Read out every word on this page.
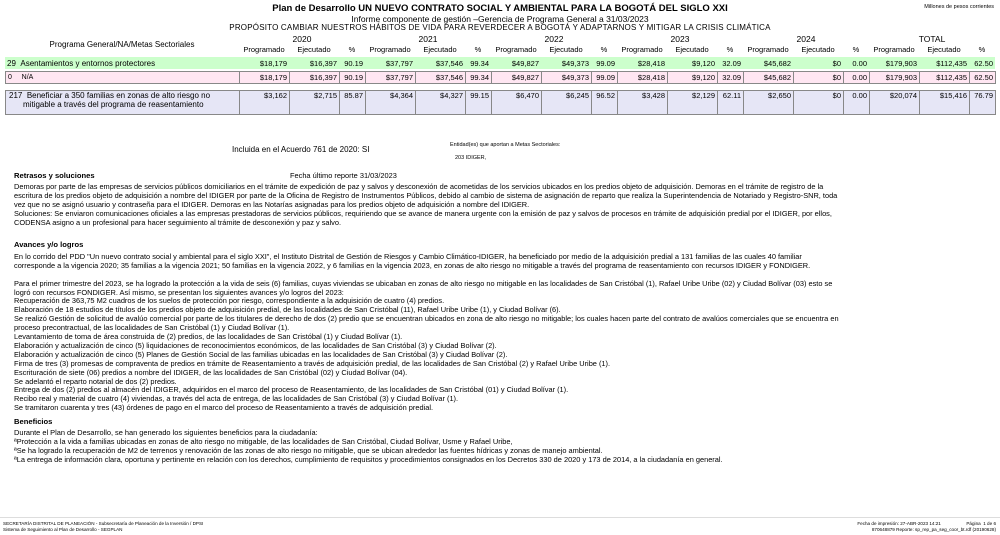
Plan de Desarrollo UN NUEVO CONTRATO SOCIAL Y AMBIENTAL PARA LA BOGOTÁ DEL SIGLO XXI
Informe componente de gestión –Gerencia de Programa General a 31/03/2023
PROPÓSITO CAMBIAR NUESTROS HÁBITOS DE VIDA PARA REVERDECER A BOGOTÁ Y ADAPTARNOS Y MITIGAR LA CRISIS CLIMÁTICA
Millones de pesos corrientes
Programa General/NA/Metas Sectoriales	2020			2021			2022			2023			2024			TOTAL		
	Programado	Ejecutado	%	Programado	Ejecutado	%	Programado	Ejecutado	%	Programado	Ejecutado	%	Programado	Ejecutado	%	Programado	Ejecutado	%
29 Asentamientos y entornos protectores	$18,179	$16,397	90.19	$37,797	$37,546	99.34	$49,827	$49,373	99.09	$28,418	$9,120	32.09	$45,682	$0	0.00	$179,903	$112,435	62.50
0 N/A	$18,179	$16,397	90.19	$37,797	$37,546	99.34	$49,827	$49,373	99.09	$28,418	$9,120	32.09	$45,682	$0	0.00	$179,903	$112,435	62.50
217 Beneficiar a 350 familias en zonas de alto riesgo no
mitigable a través del programa de reasentamiento	$3,162	$2,715	85.87	$4,364	$4,327	99.15	$6,470	$6,245	96.52	$3,428	$2,129	62.11	$2,650	$0	0.00	$20,074	$15,416	76.79
Incluida en el Acuerdo 761 de 2020: SI	Entidad(es) que aportan a Metas Sectoriales:
203 IDIGER,
Retrasos y soluciones	Fecha último reporte 31/03/2023
Demoras por parte de las empresas de servicios públicos domiciliarios en el trámite de expedición de paz y salvos y desconexión de acometidas de los servicios ubicados en los predios objeto de adquisición. Demoras en el trámite de registro de la
escritura de los predios objeto de adquisición a nombre del IDIGER por parte de la Oficina de Registro de Instrumentos Públicos, debido al cambio de sistema de asignación de reparto que realiza la Superintendencia de Notariado y Registro-SNR, toda
vez que no se asignó usuario y contraseña para el IDIGER. Demoras en las Notarías asignadas para los predios objeto de adquisición a nombre del IDIGER.
Soluciones: Se enviaron comunicaciones oficiales a las empresas prestadoras de servicios públicos, requiriendo que se avance de manera urgente con la emisión de paz y salvos de procesos en trámite de adquisición predial por el IDIGER, por ellos,
CODENSA asigno a un profesional para hacer seguimiento al trámite de desconexión y paz y salvo.
Avances y/o logros
En lo corrido del PDD "Un nuevo contrato social y ambiental para el siglo XXI", el Instituto Distrital de Gestión de Riesgos y Cambio Climático-IDIGER, ha beneficiado por medio de la adquisición predial a 131 familias de las cuales 40 familiar
corresponde a la vigencia 2020; 35 familias a la vigencia 2021; 50 familias en la vigencia 2022, y 6 familias en la vigencia 2023, en zonas de alto riesgo no mitigable a través del programa de reasentamiento con recursos IDIGER y FONDIGER.
Para el primer trimestre del 2023, se ha logrado la protección a la vida de seis (6) familias, cuyas viviendas se ubicaban en zonas de alto riesgo no mitigable en las localidades de San Cristóbal (1), Rafael Uribe Uribe (02) y Ciudad Bolívar (03) esto se
logró con recursos FONDIGER. Así mismo, se presentan los siguientes avances y/o logros del 2023:
Recuperación de 363,75 M2 cuadros de los suelos de protección por riesgo, correspondiente a la adquisición de cuatro (4) predios.
Elaboración de 18 estudios de títulos de los predios objeto de adquisición predial, de las localidades de San Cristóbal (11), Rafael Uribe Uribe (1), y Ciudad Bolívar (6).
Se realizó Gestión de solicitud de avalúo comercial por parte de los titulares de derecho de dos (2) predio que se encuentran ubicados en zona de alto riesgo no mitigable; los cuales hacen parte del contrato de avalúos comerciales que se encuentra en
proceso precontractual, de las localidades de San Cristóbal (1) y Ciudad Bolívar (1).
Levantamiento de toma de área construida de (2) predios, de las localidades de San Cristóbal (1) y Ciudad Bolívar (1).
Elaboración y actualización de cinco (5) liquidaciones de reconocimientos económicos, de las localidades de San Cristóbal (3) y Ciudad Bolívar (2).
Elaboración y actualización de cinco (5) Planes de Gestión Social de las familias ubicadas en las localidades de San Cristóbal (3) y Ciudad Bolívar (2).
Firma de tres (3) promesas de compraventa de predios en trámite de Reasentamiento a través de adquisición predial, de las localidades de San Cristóbal (2) y Rafael Uribe Uribe (1).
Escrituración de siete (06) predios a nombre del IDIGER, de las localidades de San Cristóbal (02) y Ciudad Bolívar (04).
Se adelantó el reparto notarial de dos (2) predios.
Entrega de dos (2) predios al almacén del IDIGER, adquiridos en el marco del proceso de Reasentamiento, de las localidades de San Cristóbal (01) y Ciudad Bolívar (1).
Recibo real y material de cuatro (4) viviendas, a través del acta de entrega, de las localidades de San Cristóbal (3) y Ciudad Bolívar (1).
Se tramitaron cuarenta y tres (43) órdenes de pago en el marco del proceso de Reasentamiento a través de adquisición predial.
Beneficios
Durante el Plan de Desarrollo, se han generado los siguientes beneficios para la ciudadanía:
ªProtección a la vida a familias ubicadas en zonas de alto riesgo no mitigable, de las localidades de San Cristóbal, Ciudad Bolívar, Usme y Rafael Uribe,
ªSe ha logrado la recuperación de M2 de terrenos y renovación de las zonas de alto riesgo no mitigable, que se ubican alrededor las fuentes hídricas y zonas de manejo ambiental.
ªLa entrega de información clara, oportuna y pertinente en relación con los derechos, cumplimiento de requisitos y procedimientos consignados en los Decretos 330 de 2020 y 173 de 2014, a la ciudadanía en general.
SECRETARÍA DISTRITAL DE PLANEACIÓN - Subsecretaría de Planeación de la Inversión / DPSI
Sistema de Seguimiento al Plan de Desarrollo - SEGPLAN
Fecha de impresión: 27-ABR-2023 14:21                    Página  1 de 6
870648879 Reporte: sp_rep_pa_seg_coor_bt.rdf (20190628)
